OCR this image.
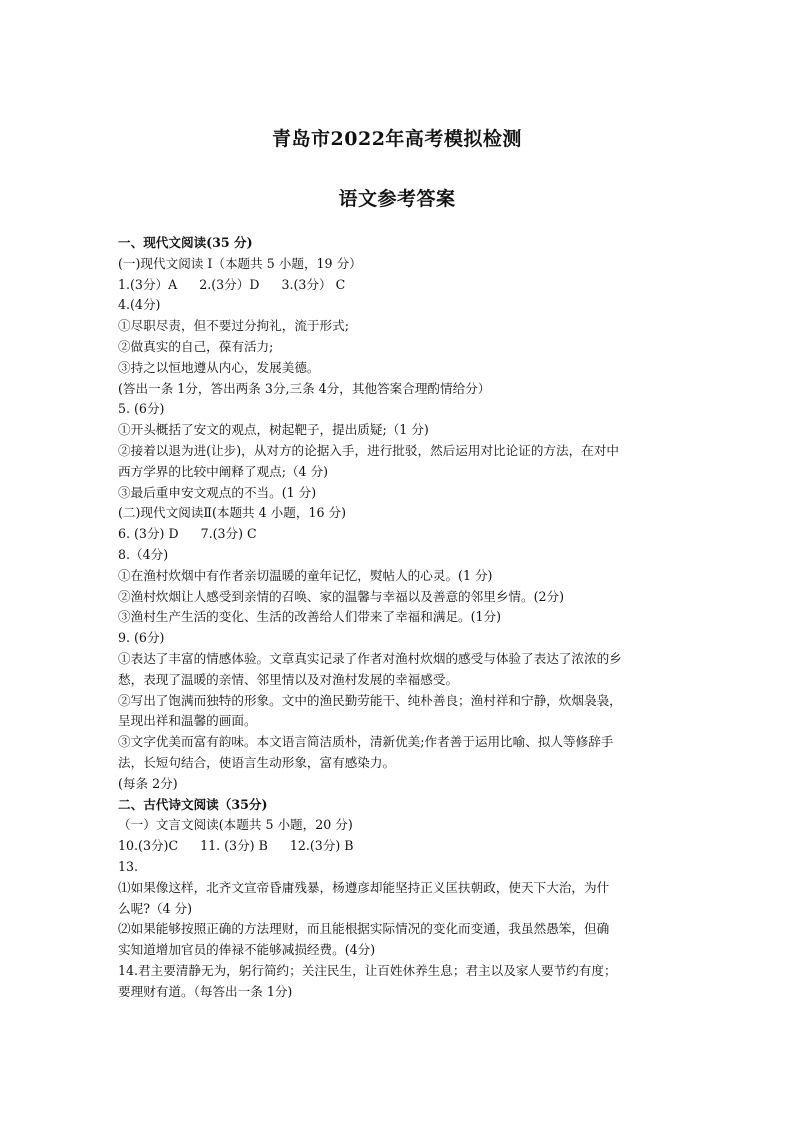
青岛市2022年高考模拟检测
语文参考答案
一、现代文阅读(35 分)
(一)现代文阅读 I（本题共 5 小题，19 分）
1.(3分）A 2.(3分）D 3.(3分） C
4.(4分)
①尽职尽责，但不要过分拘礼，流于形式;
②做真实的自己，葆有活力;
③持之以恒地遵从内心，发展美德。
(答出一条 1分，答出两条 3分,三条 4分，其他答案合理酌情给分）
5. (6分)
①开头概括了安文的观点，树起靶子，提出质疑;（1 分)
②接着以退为进(让步)，从对方的论据入手，进行批驳，然后运用对比论证的方法，在对中
西方学界的比较中阐释了观点;（4 分)
③最后重申安文观点的不当。(1 分)
(二)现代文阅读Ⅱ(本题共 4 小题，16 分)
6. (3分) D 7.(3分) C
8.（4分)
①在渔村炊烟中有作者亲切温暖的童年记忆，熨帖人的心灵。(1 分)
②渔村炊烟让人感受到亲情的召唤、家的温馨与幸福以及善意的邻里乡情。(2分)
③渔村生产生活的变化、生活的改善给人们带来了幸福和满足。(1分)
9. (6分)
①表达了丰富的情感体验。文章真实记录了作者对渔村炊烟的感受与体验了表达了浓浓的乡
愁，表现了温暖的亲情、邻里情以及对渔村发展的幸福感受。
②写出了饱满而独特的形象。文中的渔民勤劳能干、纯朴善良；渔村祥和宁静，炊烟袅袅，
呈现出祥和温馨的画面。
③文字优美而富有韵味。本文语言简洁质朴，清新优美;作者善于运用比喻、拟人等修辞手
法，长短句结合，使语言生动形象，富有感染力。
(每条 2分)
二、古代诗文阅读（35分)
（一）文言文阅读(本题共 5 小题，20 分)
10.(3分)C 11. (3分) B 12.(3分) B
13.
⑴如果像这样，北齐文宣帝昏庸残暴，杨遵彦却能坚持正义匡扶朝政，使天下大治，为什
么呢?（4 分)
⑵如果能够按照正确的方法理财，而且能根据实际情况的变化而变通，我虽然愚笨，但确
实知道增加官员的俸禄不能够减损经费。(4分)
14.君主要清静无为，躬行简约；关注民生，让百姓休养生息；君主以及家人要节约有度；
要理财有道。（每答出一条 1分)
